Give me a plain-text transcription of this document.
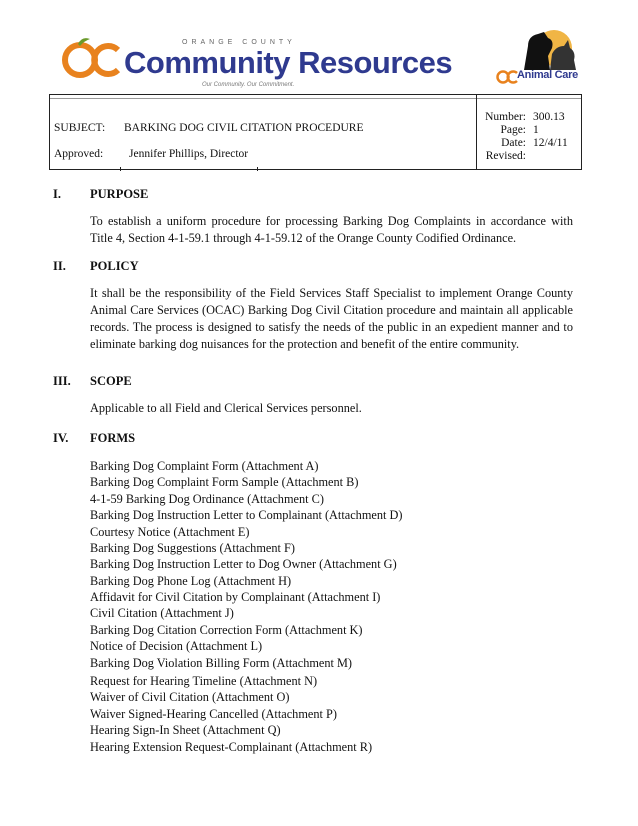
ORANGE COUNTY
Community Resources
Our Community. Our Commitment.
Animal Care
SUBJECT: BARKING DOG CIVIL CITATION PROCEDURE
Approved: Jennifer Phillips, Director
Number: 300.13
Page: 1
Date: 12/4/11
Revised:
I. PURPOSE
To establish a uniform procedure for processing Barking Dog Complaints in accordance with Title 4, Section 4-1-59.1 through 4-1-59.12 of the Orange County Codified Ordinance.
II. POLICY
It shall be the responsibility of the Field Services Staff Specialist to implement Orange County Animal Care Services (OCAC) Barking Dog Civil Citation procedure and maintain all applicable records. The process is designed to satisfy the needs of the public in an expedient manner and to eliminate barking dog nuisances for the protection and benefit of the entire community.
III. SCOPE
Applicable to all Field and Clerical Services personnel.
IV. FORMS
Barking Dog Complaint Form (Attachment A)
Barking Dog Complaint Form Sample (Attachment B)
4-1-59 Barking Dog Ordinance (Attachment C)
Barking Dog Instruction Letter to Complainant (Attachment D)
Courtesy Notice (Attachment E)
Barking Dog Suggestions (Attachment F)
Barking Dog Instruction Letter to Dog Owner (Attachment G)
Barking Dog Phone Log (Attachment H)
Affidavit for Civil Citation by Complainant (Attachment I)
Civil Citation (Attachment J)
Barking Dog Citation Correction Form (Attachment K)
Notice of Decision (Attachment L)
Barking Dog Violation Billing Form (Attachment M)
Request for Hearing Timeline (Attachment N)
Waiver of Civil Citation (Attachment O)
Waiver Signed-Hearing Cancelled (Attachment P)
Hearing Sign-In Sheet (Attachment Q)
Hearing Extension Request-Complainant (Attachment R)
